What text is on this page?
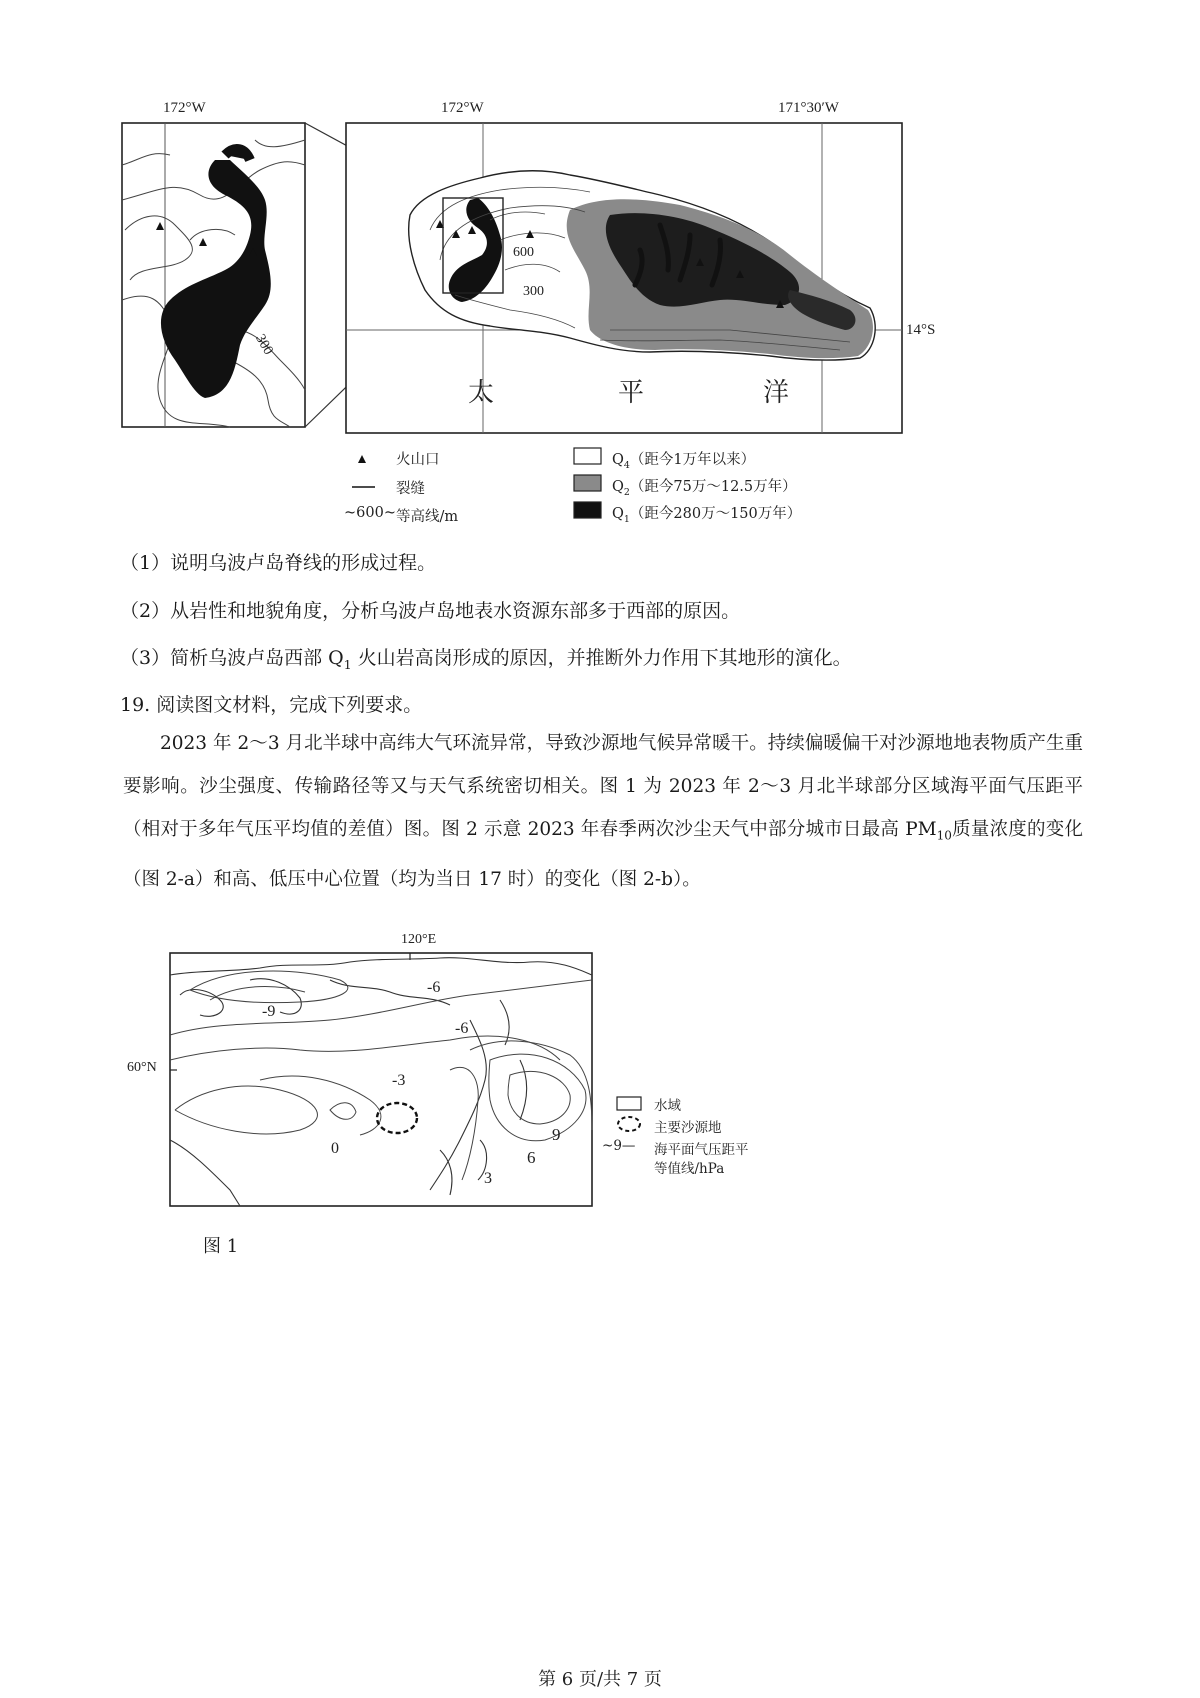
172°W	172°W	171°30′W
14°S
600
300
300
太	平	洋
火山口
裂缝
~600~ 等高线/m
$Q_4$（距今1万年以来）
$Q_2$（距今75万～12.5万年）
$Q_1$（距今280万～150万年）
（1）说明乌波卢岛脊线的形成过程。
（2）从岩性和地貌角度，分析乌波卢岛地表水资源东部多于西部的原因。
（3）简析乌波卢岛西部 $Q_1$ 火山岩高岗形成的原因，并推断外力作用下其地形的演化。
19. 阅读图文材料，完成下列要求。
2023 年 2～3 月北半球中高纬大气环流异常，导致沙源地气候异常暖干。持续偏暖偏干对沙源地地表物质产生重要影响。沙尘强度、传输路径等又与天气系统密切相关。图 1 为 2023 年 2～3 月北半球部分区域海平面气压距平（相对于多年气压平均值的差值）图。图 2 示意 2023 年春季两次沙尘天气中部分城市日最高 $PM_{10}$质量浓度的变化（图 2-a）和高、低压中心位置（均为当日 17 时）的变化（图 2-b）。
120°E
60°N
-6
-9
-6
-3
0
9
6
3
水域
主要沙源地
~9— 海平面气压距平
等值线/hPa
图 1
第 6 页/共 7 页
